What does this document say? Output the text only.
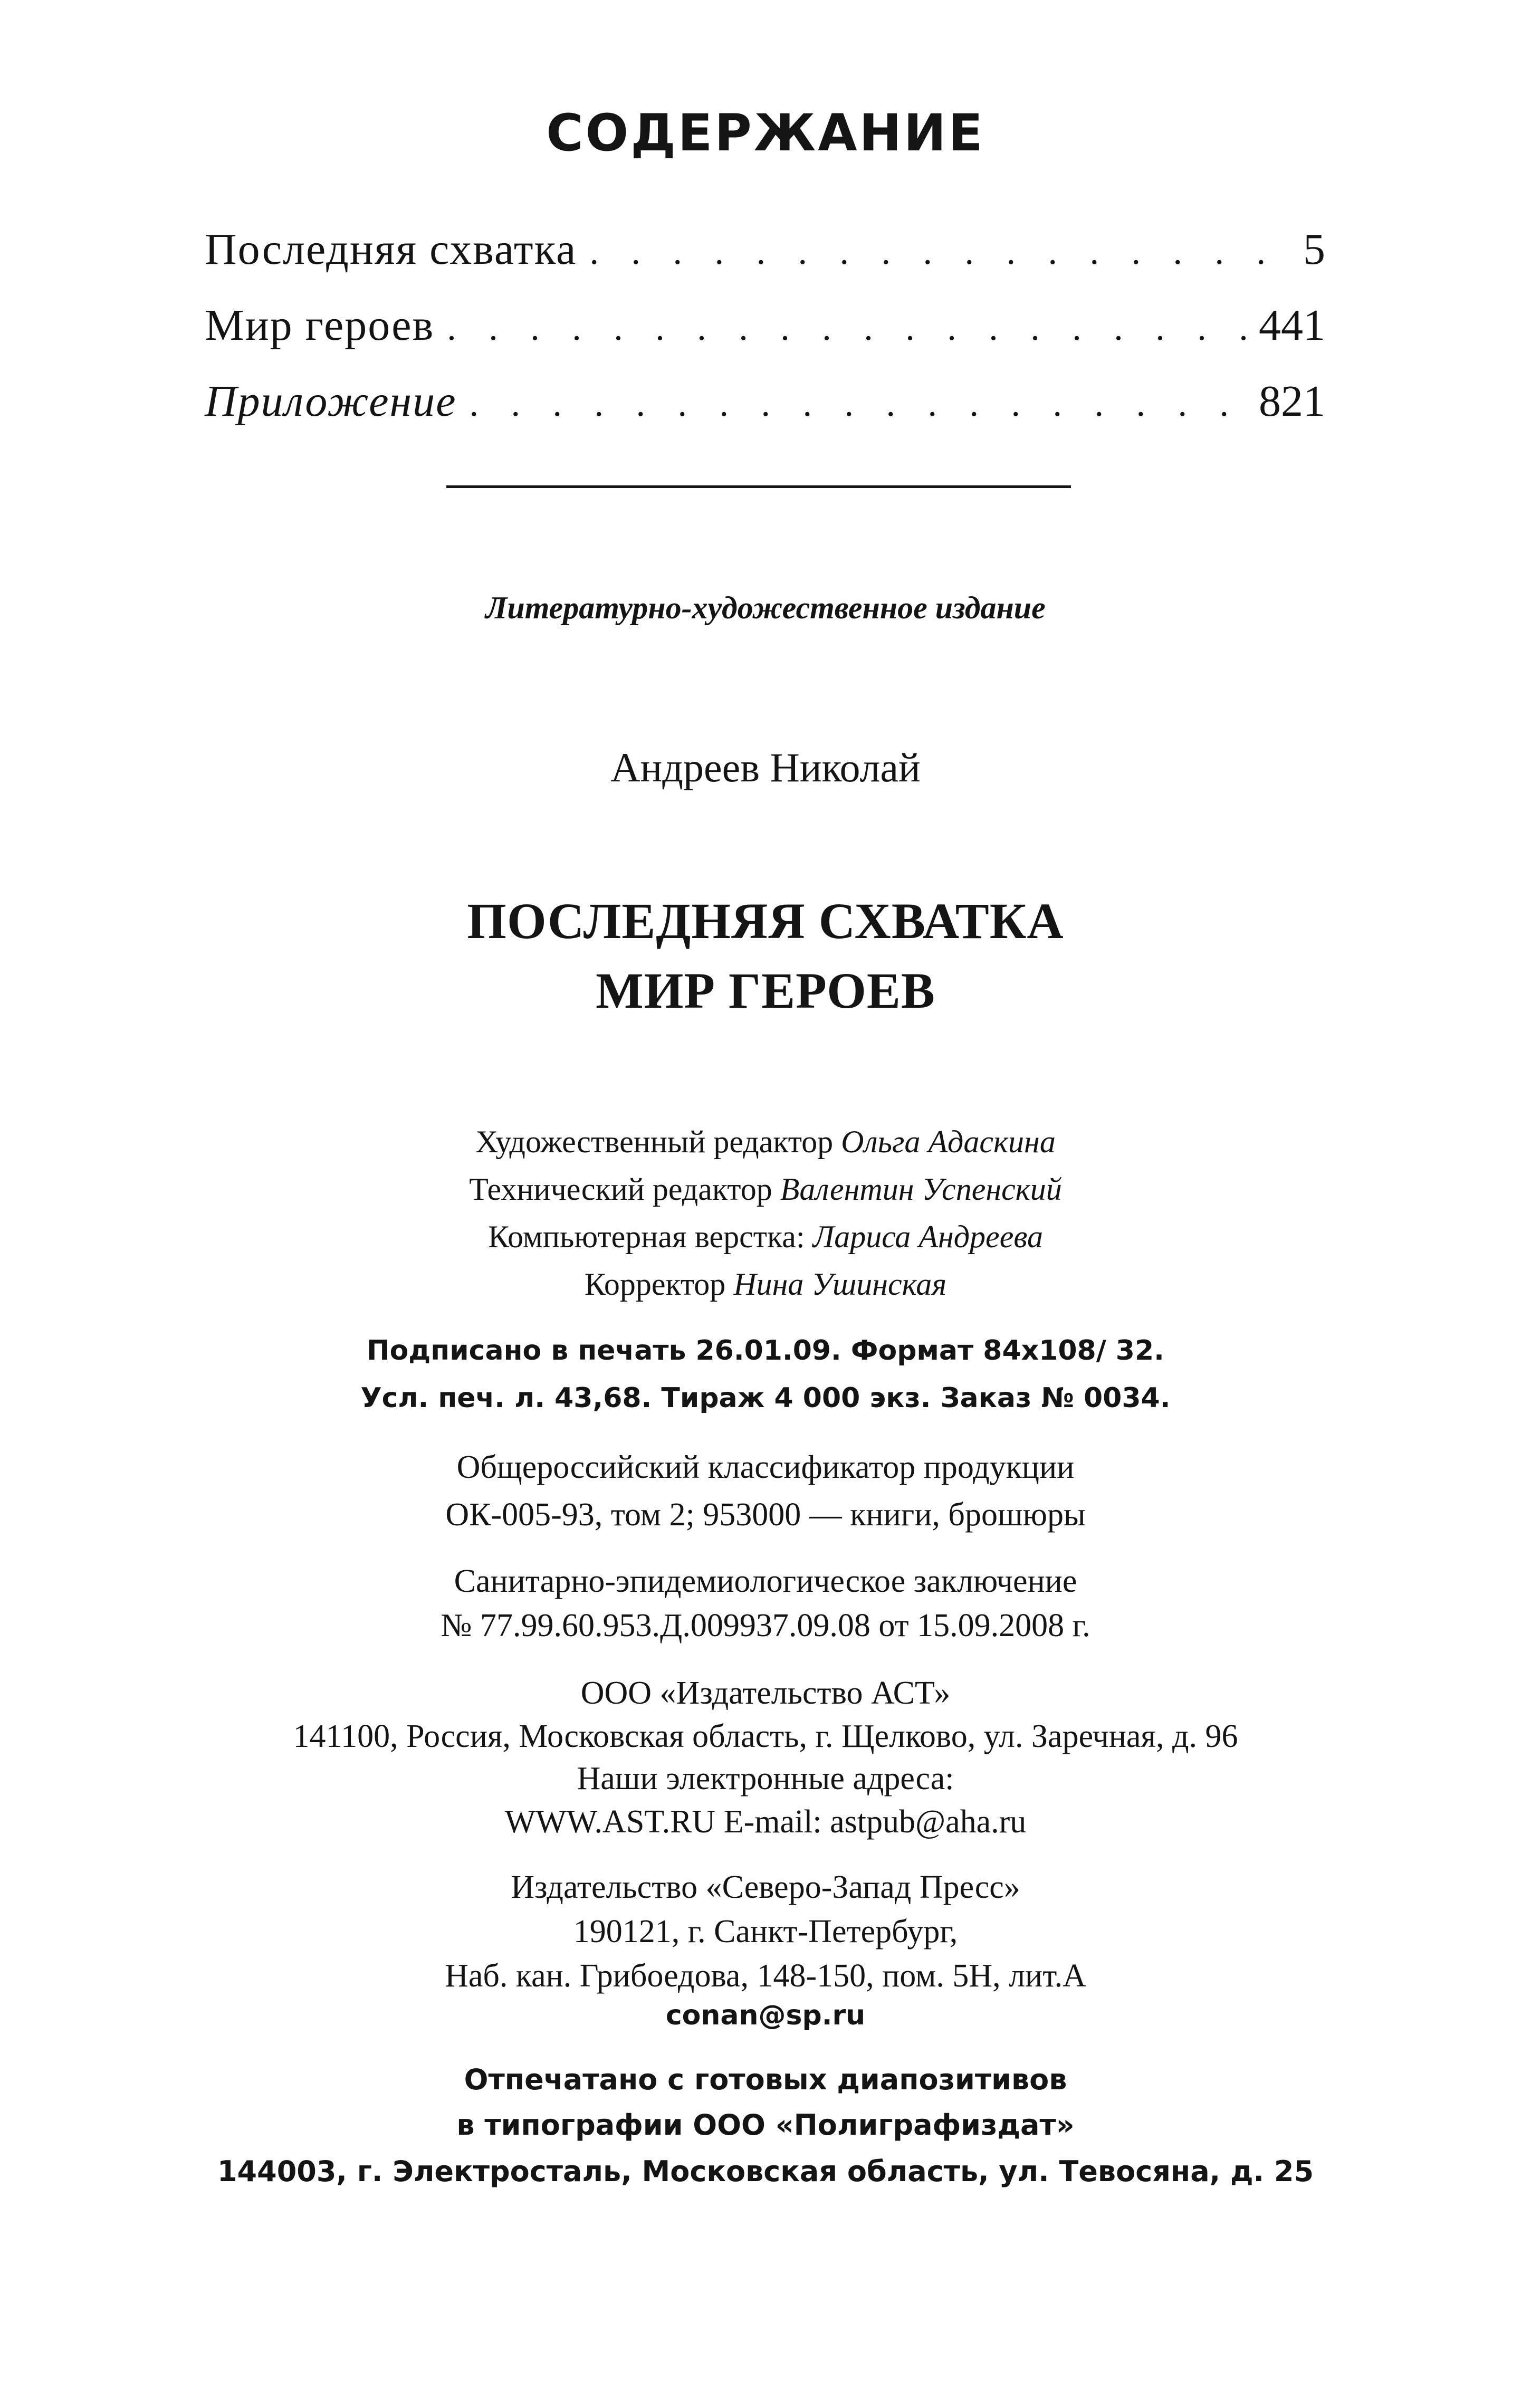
СОДЕРЖАНИЕ
Последняя схватка . . .	5
Мир героев . . .	441
Приложение . . .	821
Литературно-художественное издание
Андреев Николай
ПОСЛЕДНЯЯ СХВАТКА
МИР ГЕРОЕВ
Художественный редактор Ольга Адаскина
Технический редактор Валентин Успенский
Компьютерная верстка: Лариса Андреева
Корректор Нина Ушинская
Подписано в печать 26.01.09. Формат 84x108/ 32.
Усл. печ. л. 43,68. Тираж 4 000 экз. Заказ № 0034.
Общероссийский классификатор продукции
ОК-005-93, том 2; 953000 — книги, брошюры
Санитарно-эпидемиологическое заключение
№ 77.99.60.953.Д.009937.09.08 от 15.09.2008 г.
ООО «Издательство АСТ»
141100, Россия, Московская область, г. Щелково, ул. Заречная, д. 96
Наши электронные адреса:
WWW.AST.RU E-mail: astpub@aha.ru
Издательство «Северо-Запад Пресс»
190121, г. Санкт-Петербург,
Наб. кан. Грибоедова, 148-150, пом. 5Н, лит.А
conan@sp.ru
Отпечатано с готовых диапозитивов
в типографии ООО «Полиграфиздат»
144003, г. Электросталь, Московская область, ул. Тевосяна, д. 25
